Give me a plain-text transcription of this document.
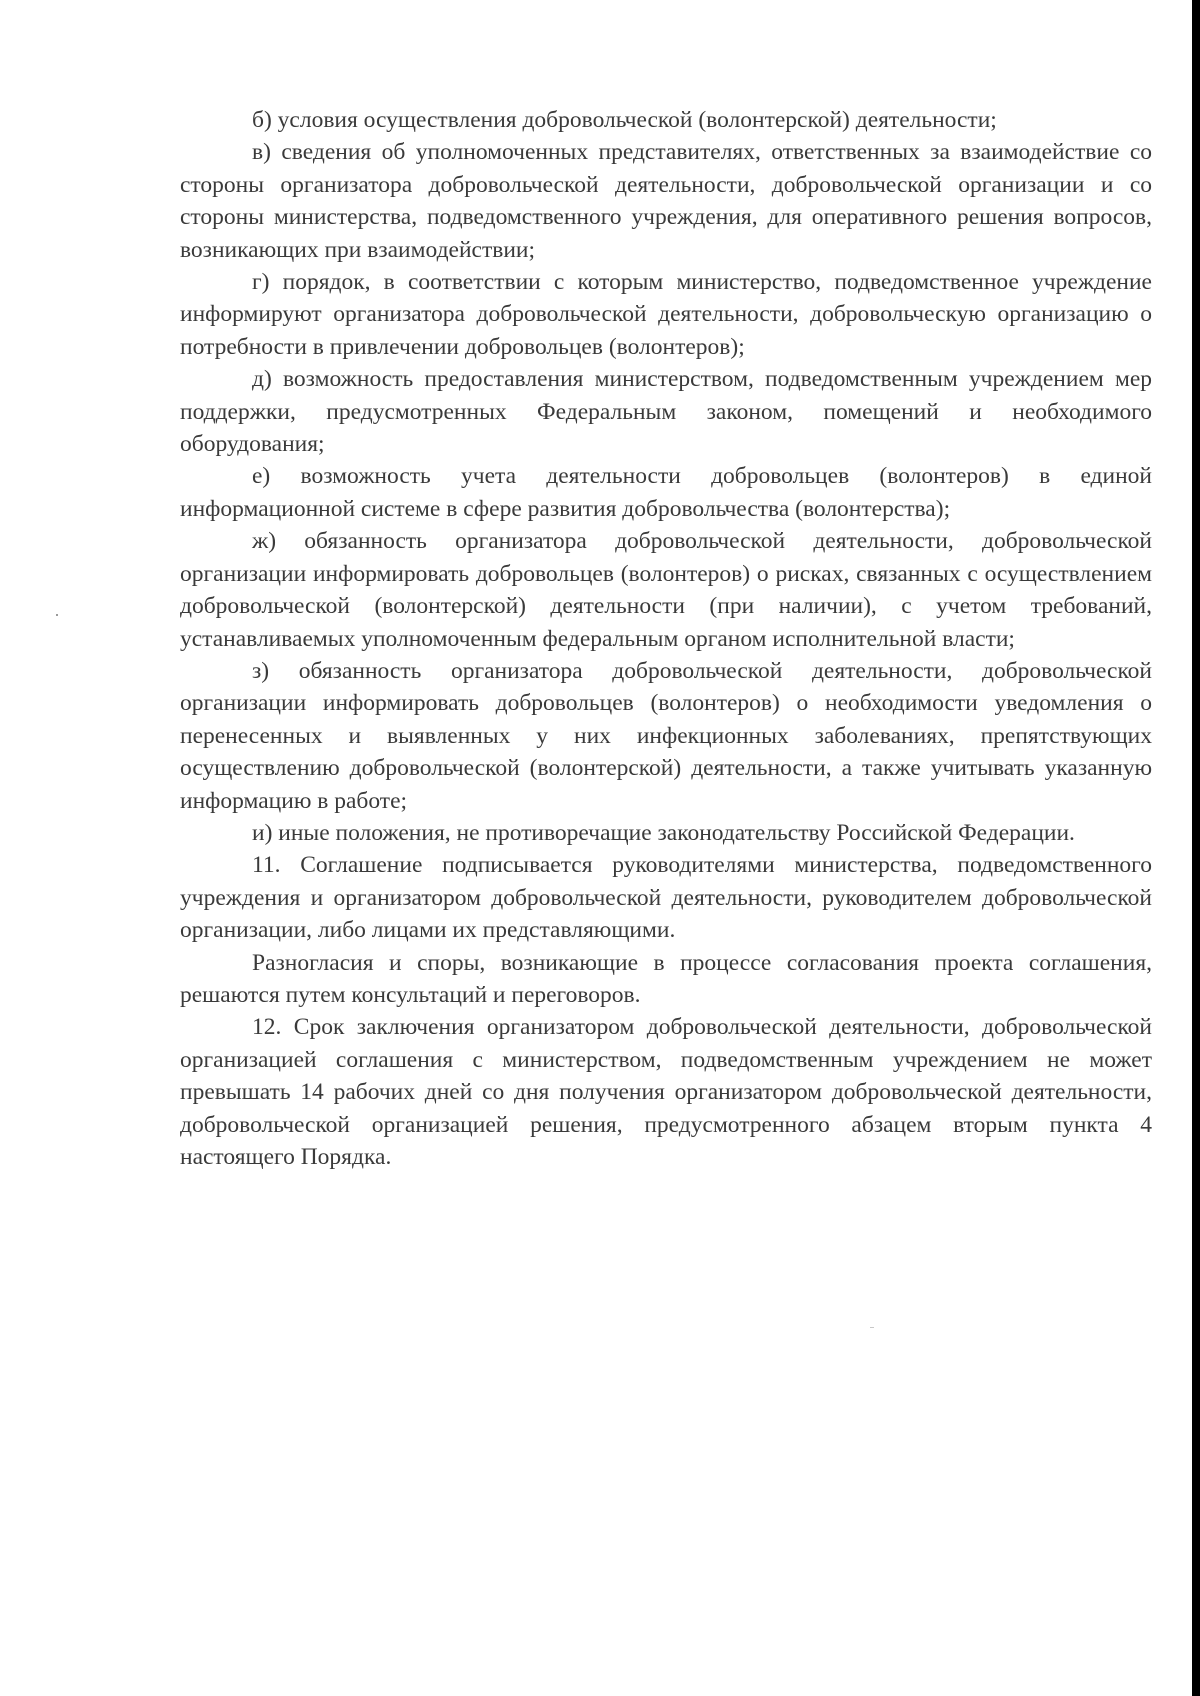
б) условия осуществления добровольческой (волонтерской) деятельности;

в) сведения об уполномоченных представителях, ответственных за взаимодействие со стороны организатора добровольческой деятельности, добровольческой организации и со стороны министерства, подведомственного учреждения, для оперативного решения вопросов, возникающих при взаимодействии;

г) порядок, в соответствии с которым министерство, подведомственное учреждение информируют организатора добровольческой деятельности, добровольческую организацию о потребности в привлечении добровольцев (волонтеров);

д) возможность предоставления министерством, подведомственным учреждением мер поддержки, предусмотренных Федеральным законом, помещений и необходимого оборудования;

е) возможность учета деятельности добровольцев (волонтеров) в единой информационной системе в сфере развития добровольчества (волонтерства);

ж) обязанность организатора добровольческой деятельности, добровольческой организации информировать добровольцев (волонтеров) о рисках, связанных с осуществлением добровольческой (волонтерской) деятельности (при наличии), с учетом требований, устанавливаемых уполномоченным федеральным органом исполнительной власти;

з) обязанность организатора добровольческой деятельности, добровольческой организации информировать добровольцев (волонтеров) о необходимости уведомления о перенесенных и выявленных у них инфекционных заболеваниях, препятствующих осуществлению добровольческой (волонтерской) деятельности, а также учитывать указанную информацию в работе;

и) иные положения, не противоречащие законодательству Российской Федерации.

11. Соглашение подписывается руководителями министерства, подведомственного учреждения и организатором добровольческой деятельности, руководителем добровольческой организации, либо лицами их представляющими.

Разногласия и споры, возникающие в процессе согласования проекта соглашения, решаются путем консультаций и переговоров.

12. Срок заключения организатором добровольческой деятельности, добровольческой организацией соглашения с министерством, подведомственным учреждением не может превышать 14 рабочих дней со дня получения организатором добровольческой деятельности, добровольческой организацией решения, предусмотренного абзацем вторым пункта 4 настоящего Порядка.
